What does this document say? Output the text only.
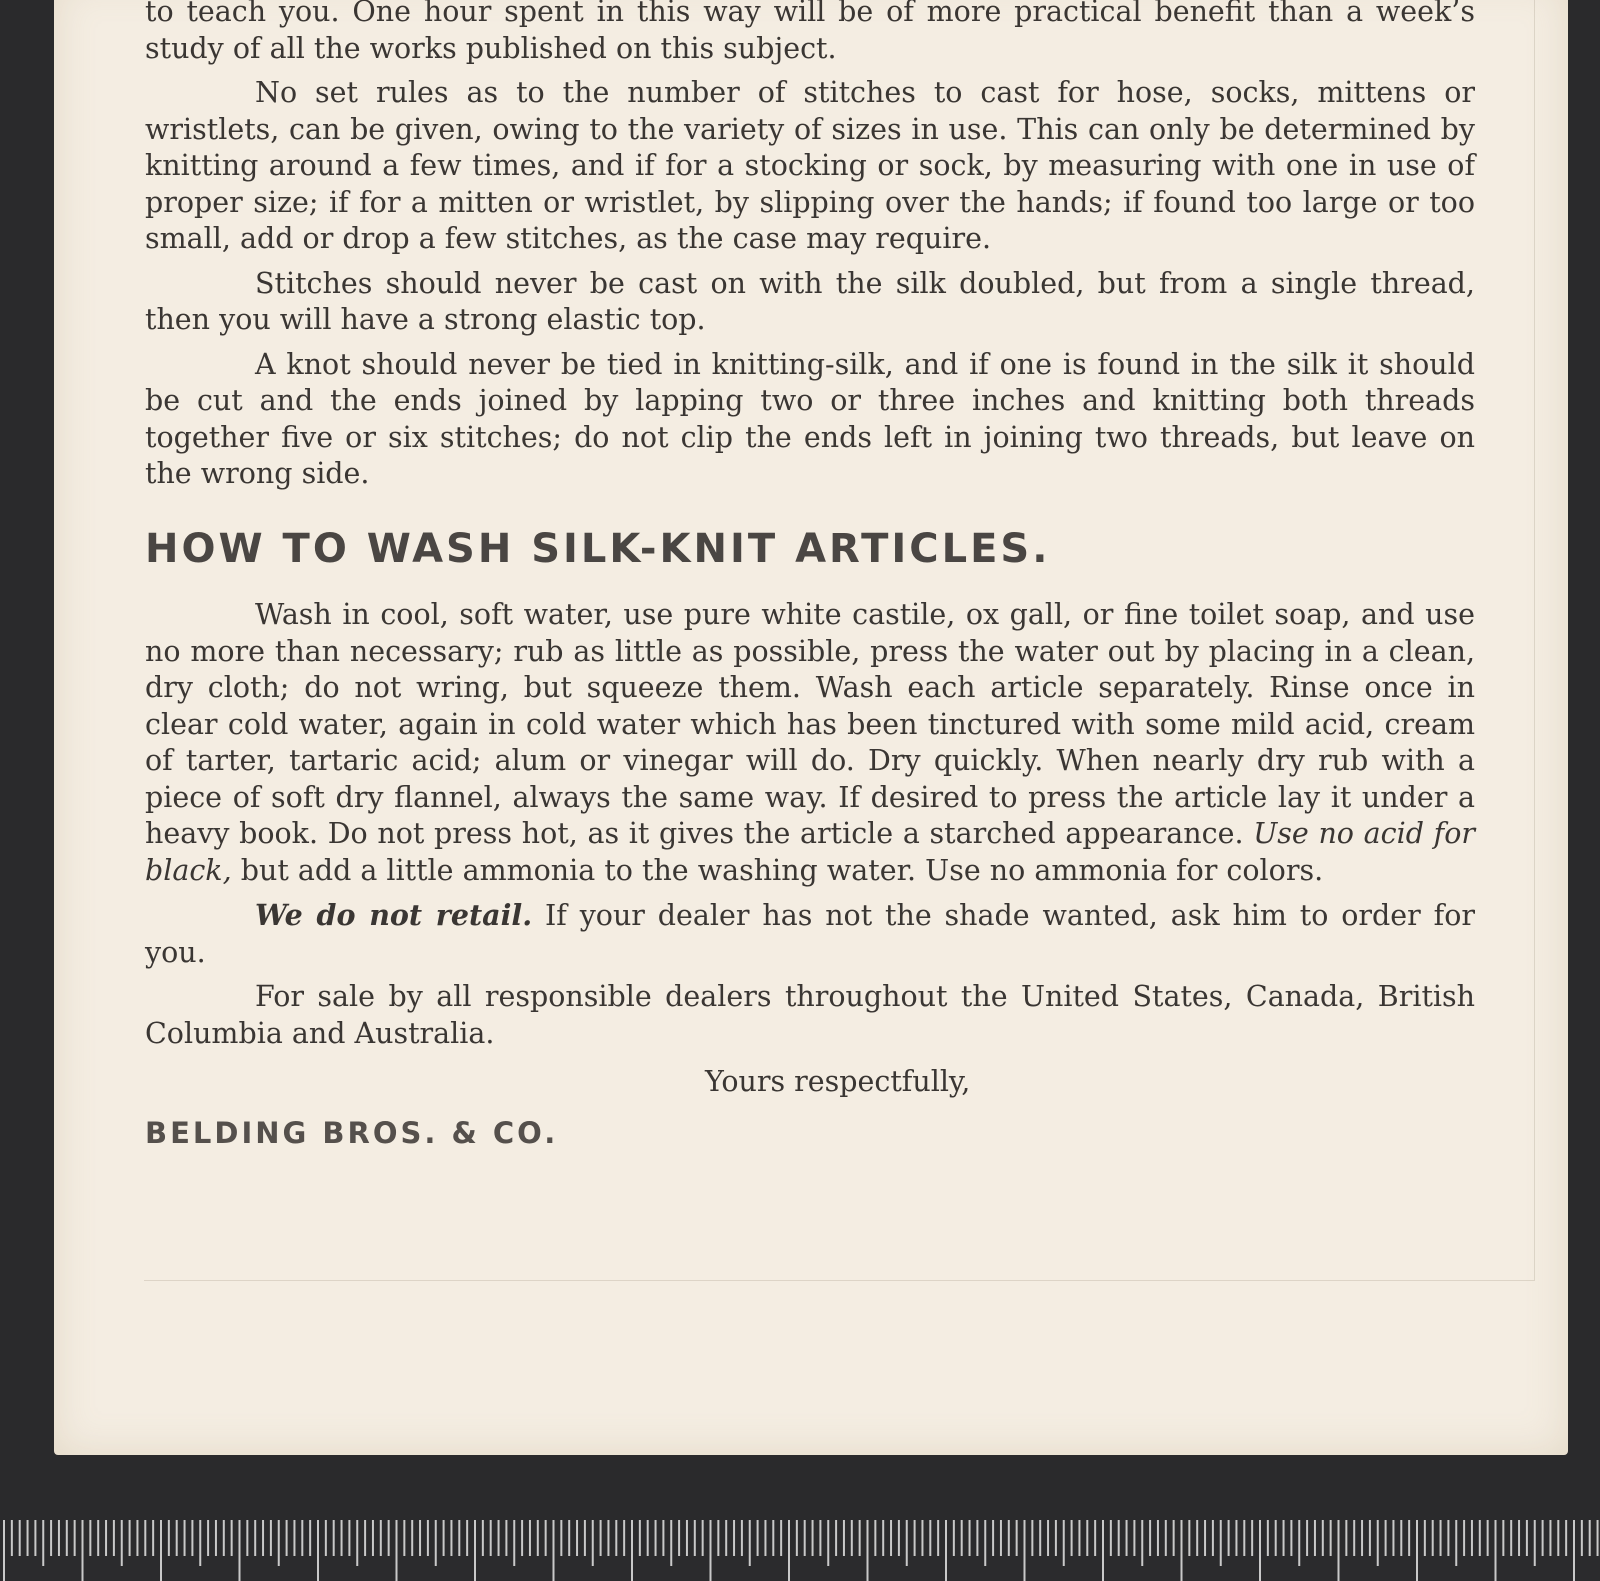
to teach you. One hour spent in this way will be of more practical benefit than a week’s study of all the works published on this subject.

No set rules as to the number of stitches to cast for hose, socks, mittens or wristlets, can be given, owing to the variety of sizes in use. This can only be determined by knitting around a few times, and if for a stocking or sock, by measuring with one in use of proper size; if for a mitten or wristlet, by slipping over the hands; if found too large or too small, add or drop a few stitches, as the case may require.

Stitches should never be cast on with the silk doubled, but from a single thread, then you will have a strong elastic top.

A knot should never be tied in knitting-silk, and if one is found in the silk it should be cut and the ends joined by lapping two or three inches and knitting both threads together five or six stitches; do not clip the ends left in joining two threads, but leave on the wrong side.

HOW TO WASH SILK-KNIT ARTICLES.

Wash in cool, soft water, use pure white castile, ox gall, or fine toilet soap, and use no more than necessary; rub as little as possible, press the water out by placing in a clean, dry cloth; do not wring, but squeeze them. Wash each article separately. Rinse once in clear cold water, again in cold water which has been tinctured with some mild acid, cream of tarter, tartaric acid; alum or vinegar will do. Dry quickly. When nearly dry rub with a piece of soft dry flannel, always the same way. If desired to press the article lay it under a heavy book. Do not press hot, as it gives the article a starched appearance. Use no acid for black, but add a little ammonia to the washing water. Use no ammonia for colors.

We do not retail. If your dealer has not the shade wanted, ask him to order for you.

For sale by all responsible dealers throughout the United States, Canada, British Columbia and Australia.

Yours respectfully,

BELDING BROS. & CO.
